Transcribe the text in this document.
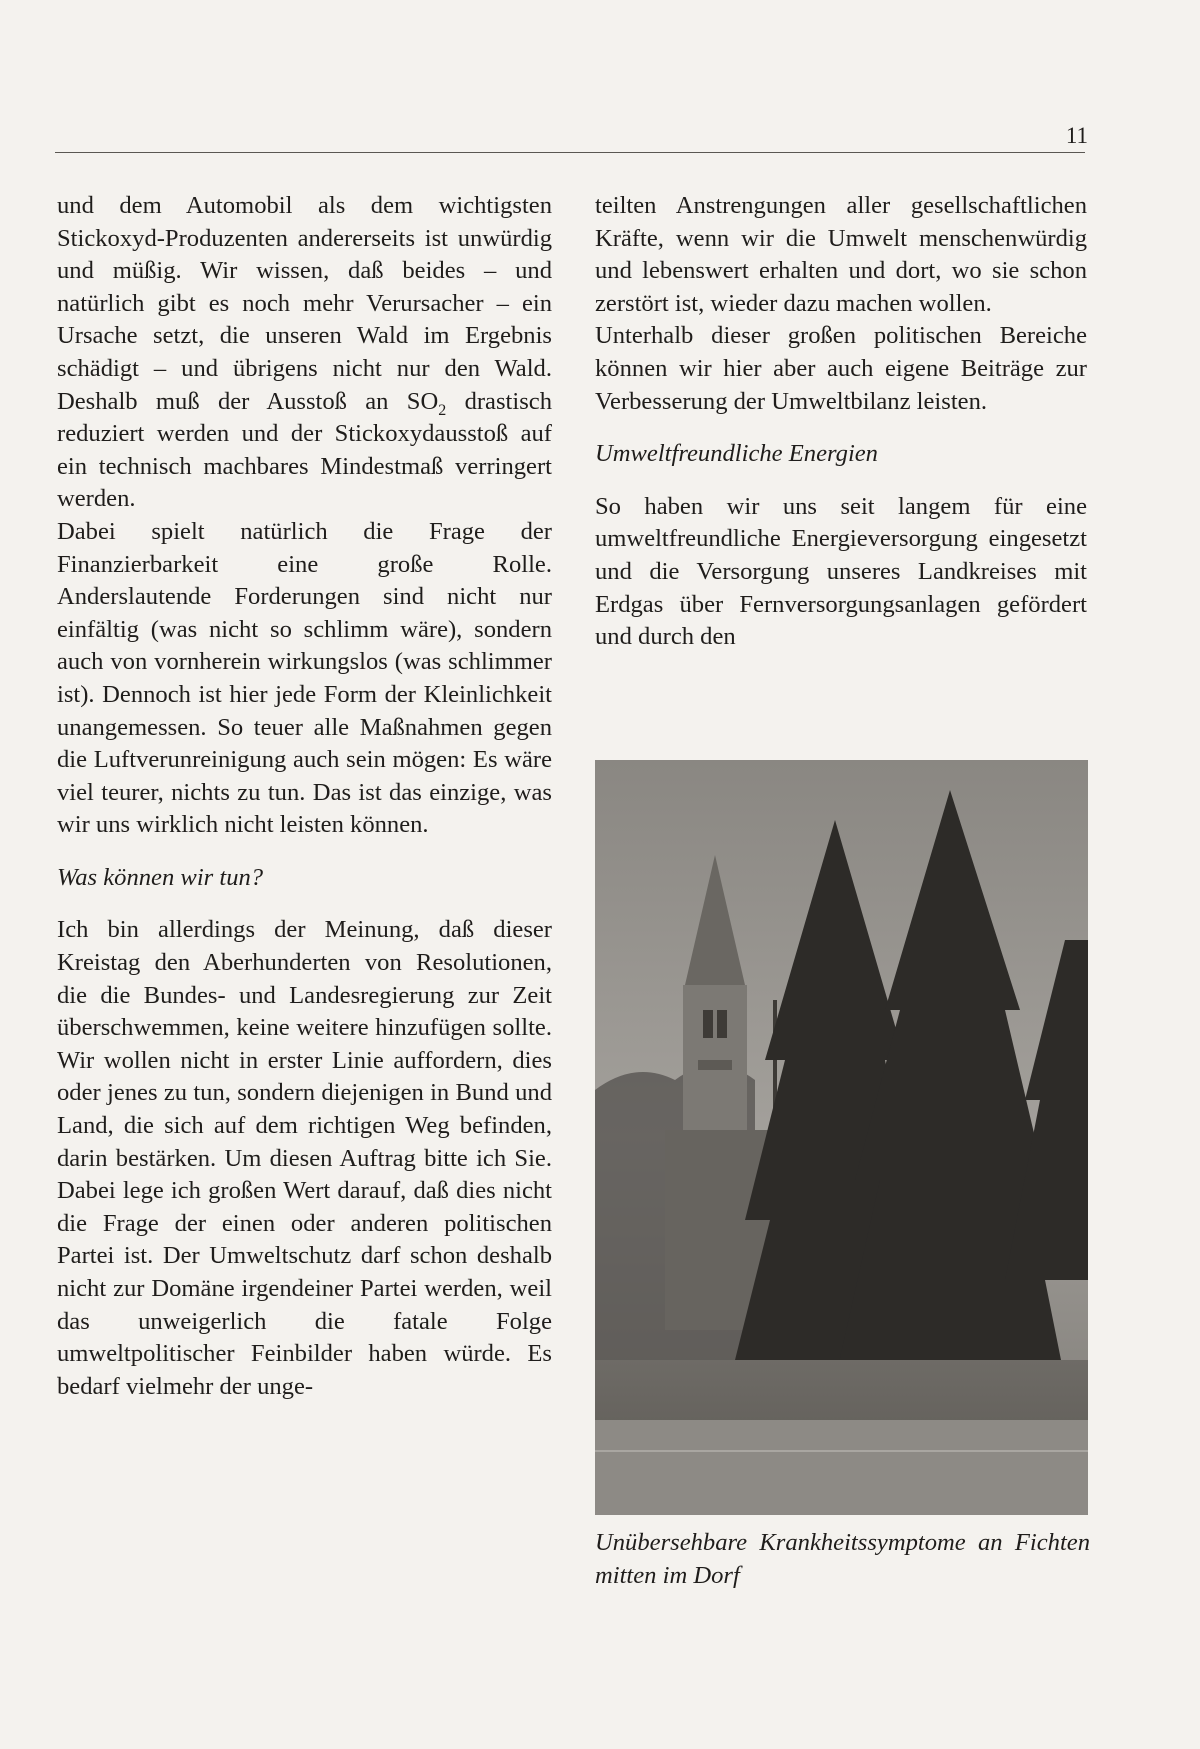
11

und dem Automobil als dem wichtigsten Stickoxyd-Produzenten andererseits ist unwürdig und müßig. Wir wissen, daß beides – und natürlich gibt es noch mehr Verursacher – ein Ursache setzt, die unseren Wald im Ergebnis schädigt – und übrigens nicht nur den Wald. Deshalb muß der Ausstoß an $SO_2$ drastisch reduziert werden und der Stickoxydausstoß auf ein technisch machbares Mindestmaß verringert werden.

Dabei spielt natürlich die Frage der Finanzierbarkeit eine große Rolle. Anderslautende Forderungen sind nicht nur einfältig (was nicht so schlimm wäre), sondern auch von vornherein wirkungslos (was schlimmer ist). Dennoch ist hier jede Form der Kleinlichkeit unangemessen. So teuer alle Maßnahmen gegen die Luftverunreinigung auch sein mögen: Es wäre viel teurer, nichts zu tun. Das ist das einzige, was wir uns wirklich nicht leisten können.

Was können wir tun?

Ich bin allerdings der Meinung, daß dieser Kreistag den Aberhunderten von Resolutionen, die die Bundes- und Landesregierung zur Zeit überschwemmen, keine weitere hinzufügen sollte. Wir wollen nicht in erster Linie auffordern, dies oder jenes zu tun, sondern diejenigen in Bund und Land, die sich auf dem richtigen Weg befinden, darin bestärken. Um diesen Auftrag bitte ich Sie. Dabei lege ich großen Wert darauf, daß dies nicht die Frage der einen oder anderen politischen Partei ist. Der Umweltschutz darf schon deshalb nicht zur Domäne irgendeiner Partei werden, weil das unweigerlich die fatale Folge umweltpolitischer Feinbilder haben würde. Es bedarf vielmehr der unge-

teilten Anstrengungen aller gesellschaftlichen Kräfte, wenn wir die Umwelt menschenwürdig und lebenswert erhalten und dort, wo sie schon zerstört ist, wieder dazu machen wollen.

Unterhalb dieser großen politischen Bereiche können wir hier aber auch eigene Beiträge zur Verbesserung der Umweltbilanz leisten.

Umweltfreundliche Energien

So haben wir uns seit langem für eine umweltfreundliche Energieversorgung eingesetzt und die Versorgung unseres Landkreises mit Erdgas über Fernversorgungsanlagen gefördert und durch den

Unübersehbare Krankheitssymptome an Fichten mitten im Dorf
